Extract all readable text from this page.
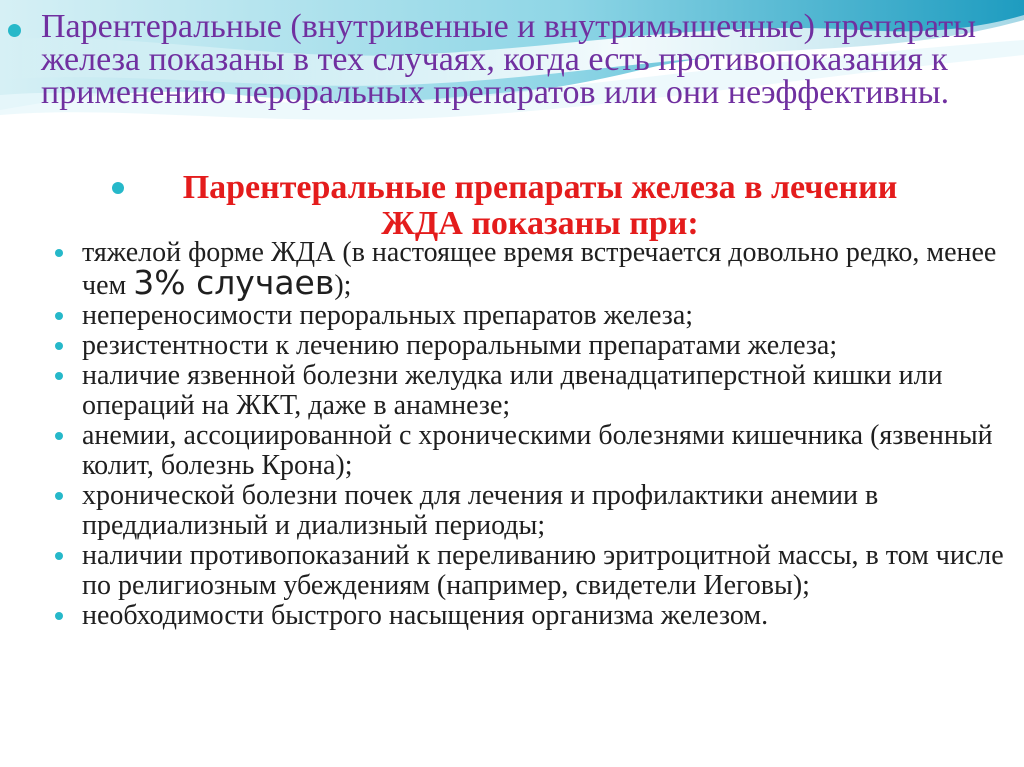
Парентеральные (внутривенные и внутримышечные) препараты железа показаны в тех случаях, когда есть противопоказания к применению пероральных препаратов или они неэффективны.
Парентеральные препараты железа в лечении
ЖДА показаны при:
тяжелой форме ЖДА (в настоящее время встречается довольно редко, менее чем 3% случаев);
непереносимости пероральных препаратов железа;
резистентности к лечению пероральными препаратами железа;
наличие язвенной болезни желудка или двенадцатиперстной кишки или операций на ЖКТ, даже в анамнезе;
анемии, ассоциированной с хроническими болезнями кишечника (язвенный колит, болезнь Крона);
хронической болезни почек для лечения и профилактики анемии в преддиализный и диализный периоды;
наличии противопоказаний к переливанию эритроцитной массы, в том числе по религиозным убеждениям (например, свидетели Иеговы);
необходимости быстрого насыщения организма железом.
